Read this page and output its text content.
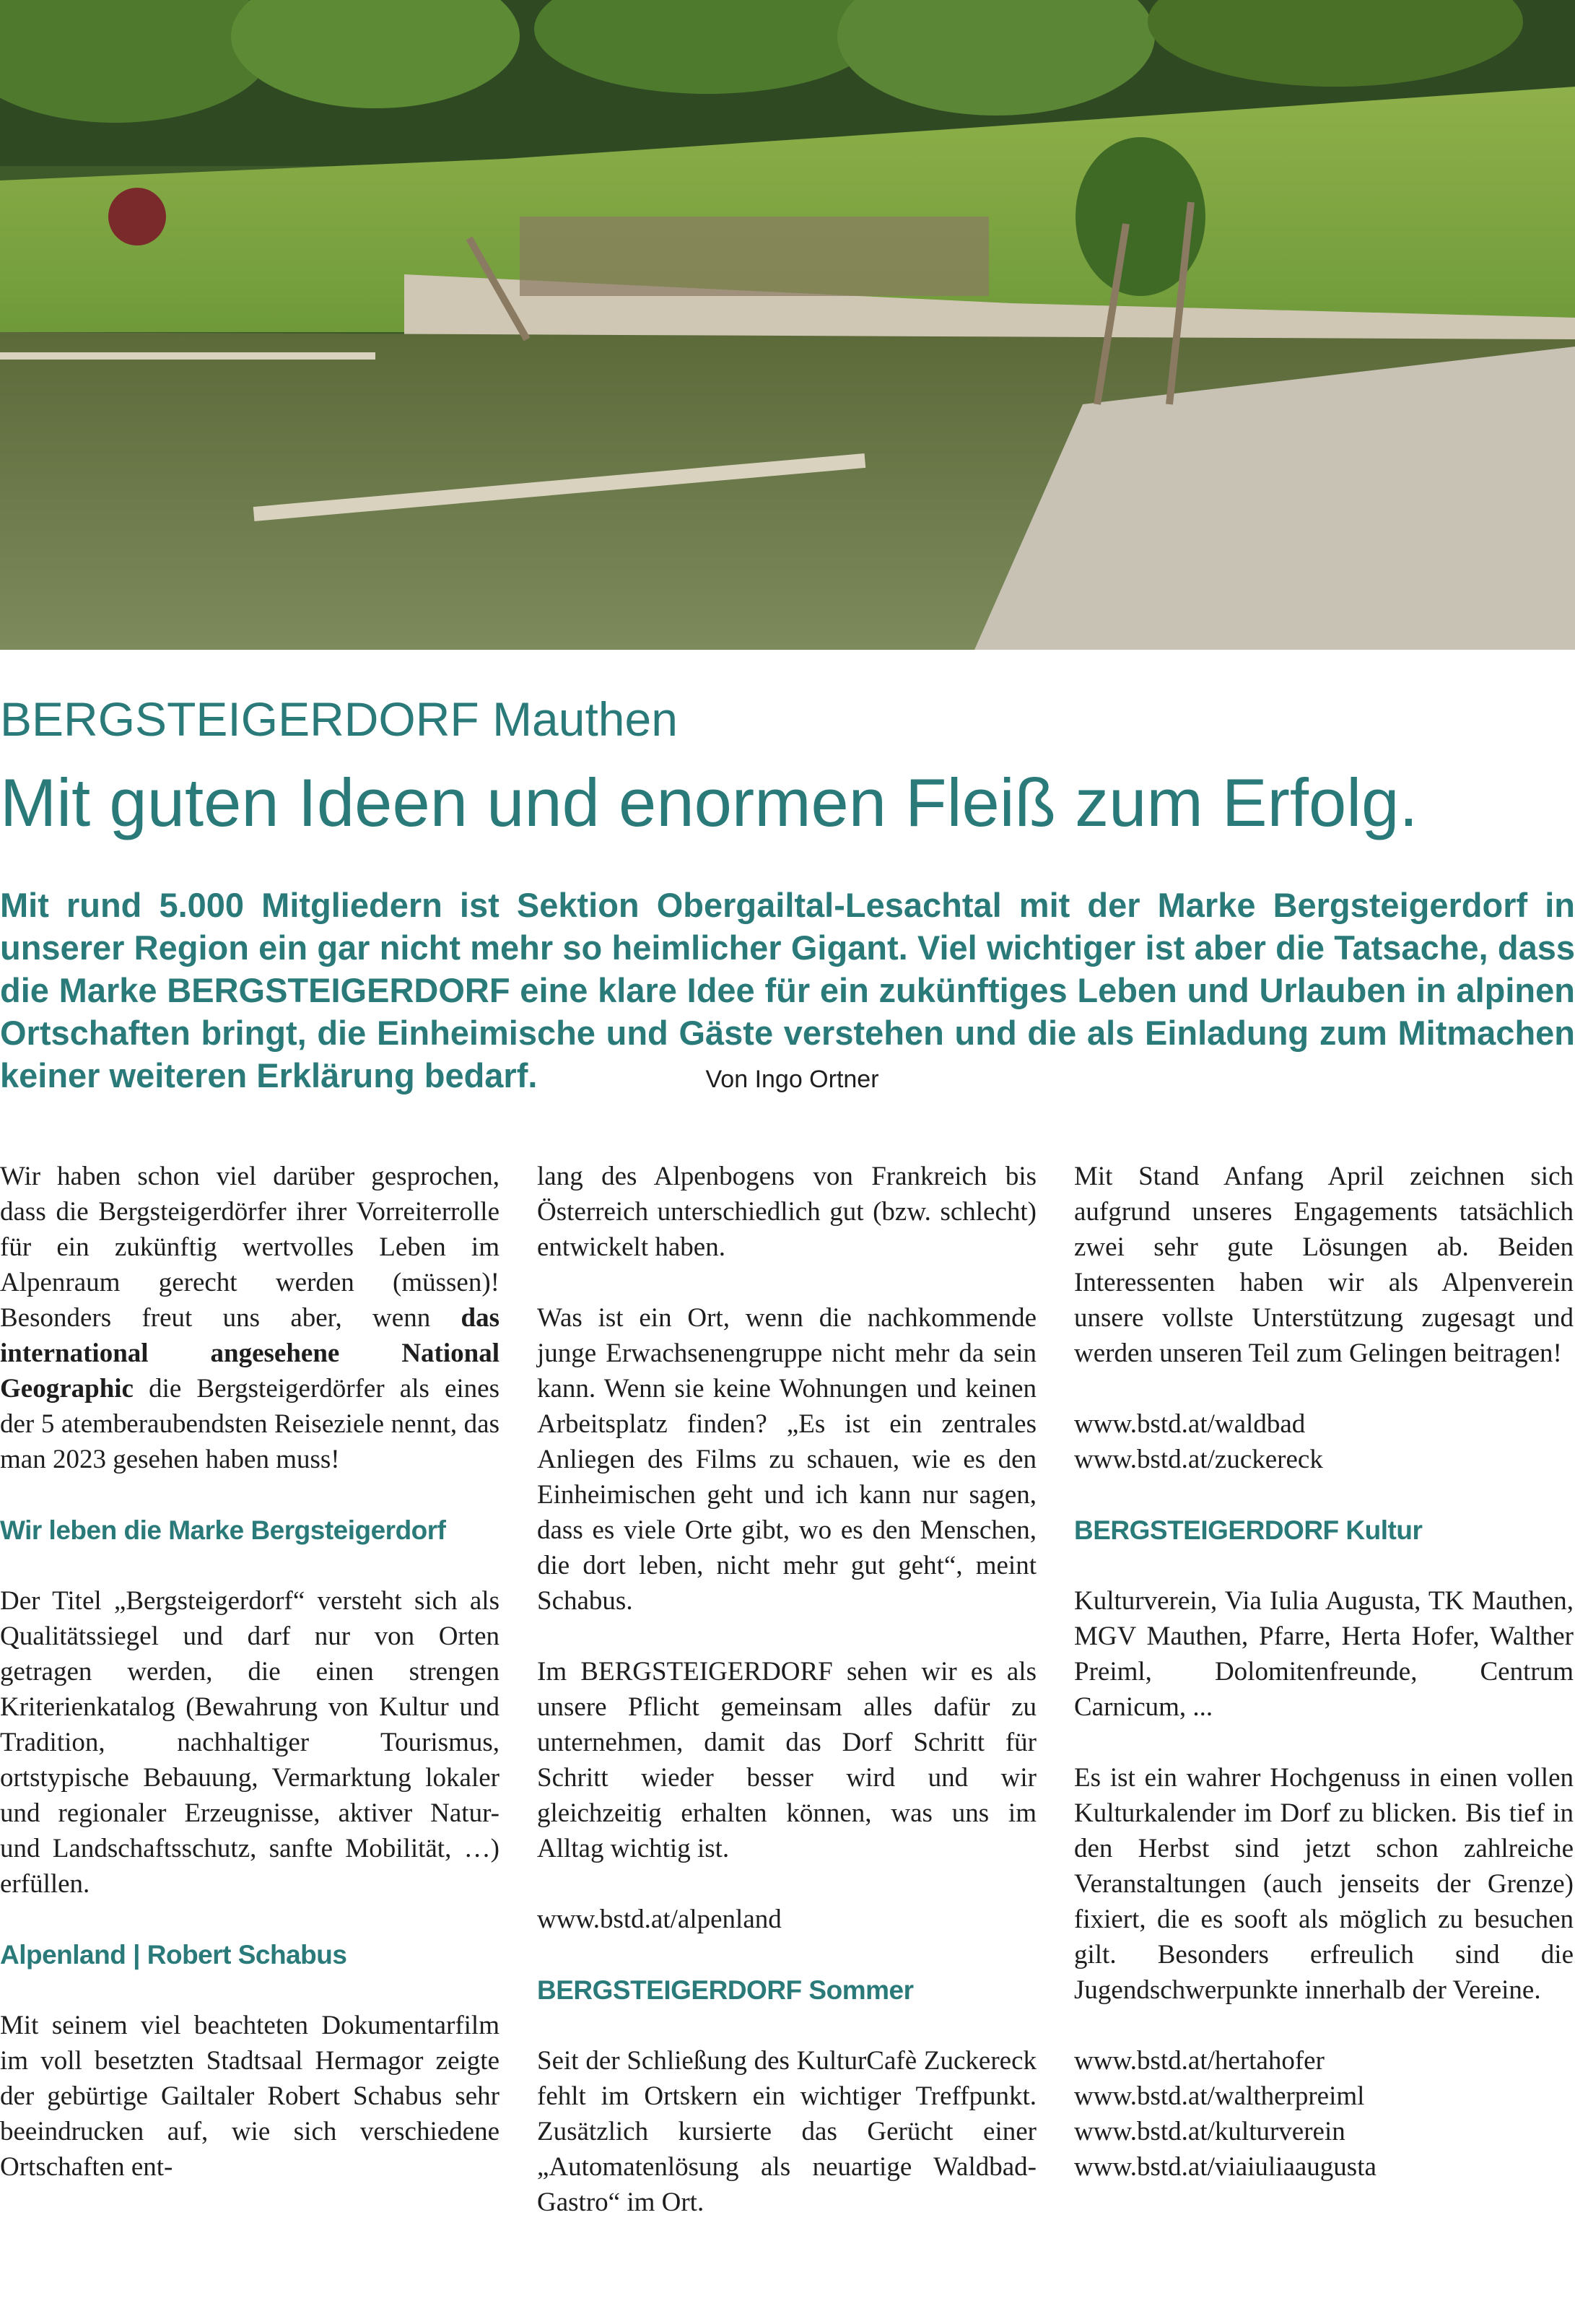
BERGSTEIGERDORF Mauthen
Mit guten Ideen und enormen Fleiß zum Erfolg.

Mit rund 5.000 Mitgliedern ist Sektion Obergailtal-Lesachtal mit der Marke Bergsteigerdorf in unserer Region ein gar nicht mehr so heimlicher Gigant. Viel wichtiger ist aber die Tatsache, dass die Marke BERGSTEIGERDORF eine klare Idee für ein zukünftiges Leben und Urlauben in alpinen Ortschaften bringt, die Einheimische und Gäste verstehen und die als Einladung zum Mitmachen keiner weiteren Erklärung bedarf.	Von Ingo Ortner

Wir haben schon viel darüber gesprochen, dass die Bergsteigerdörfer ihrer Vorreiterrolle für ein zukünftig wertvolles Leben im Alpenraum gerecht werden (müssen)! Besonders freut uns aber, wenn das international angesehene National Geographic die Bergsteigerdörfer als eines der 5 atemberaubendsten Reiseziele nennt, das man 2023 gesehen haben muss!

Wir leben die Marke Bergsteigerdorf

Der Titel „Bergsteigerdorf“ versteht sich als Qualitätssiegel und darf nur von Orten getragen werden, die einen strengen Kriterienkatalog (Bewahrung von Kultur und Tradition, nachhaltiger Tourismus, ortstypische Bebauung, Vermarktung lokaler und regionaler Erzeugnisse, aktiver Natur- und Landschaftsschutz, sanfte Mobilität, …) erfüllen.

Alpenland | Robert Schabus

Mit seinem viel beachteten Dokumentarfilm im voll besetzten Stadtsaal Hermagor zeigte der gebürtige Gailtaler Robert Schabus sehr beeindrucken auf, wie sich verschiedene Ortschaften ent-

lang des Alpenbogens von Frankreich bis Österreich unterschiedlich gut (bzw. schlecht) entwickelt haben.

Was ist ein Ort, wenn die nachkommende junge Erwachsenengruppe nicht mehr da sein kann. Wenn sie keine Wohnungen und keinen Arbeitsplatz finden? „Es ist ein zentrales Anliegen des Films zu schauen, wie es den Einheimischen geht und ich kann nur sagen, dass es viele Orte gibt, wo es den Menschen, die dort leben, nicht mehr gut geht“, meint Schabus.

Im BERGSTEIGERDORF sehen wir es als unsere Pflicht gemeinsam alles dafür zu unternehmen, damit das Dorf Schritt für Schritt wieder besser wird und wir gleichzeitig erhalten können, was uns im Alltag wichtig ist.

www.bstd.at/alpenland

BERGSTEIGERDORF Sommer

Seit der Schließung des KulturCafè Zuckereck fehlt im Ortskern ein wichtiger Treffpunkt. Zusätzlich kursierte das Gerücht einer „Automatenlösung als neuartige Waldbad-Gastro“ im Ort.

Mit Stand Anfang April zeichnen sich aufgrund unseres Engagements tatsächlich zwei sehr gute Lösungen ab. Beiden Interessenten haben wir als Alpenverein unsere vollste Unterstützung zugesagt und werden unseren Teil zum Gelingen beitragen!

www.bstd.at/waldbad
www.bstd.at/zuckereck

BERGSTEIGERDORF Kultur

Kulturverein, Via Iulia Augusta, TK Mauthen, MGV Mauthen, Pfarre, Herta Hofer, Walther Preiml, Dolomitenfreunde, Centrum Carnicum, ...

Es ist ein wahrer Hochgenuss in einen vollen Kulturkalender im Dorf zu blicken. Bis tief in den Herbst sind jetzt schon zahlreiche Veranstaltungen (auch jenseits der Grenze) fixiert, die es sooft als möglich zu besuchen gilt. Besonders erfreulich sind die Jugendschwerpunkte innerhalb der Vereine.

www.bstd.at/hertahofer
www.bstd.at/waltherpreiml
www.bstd.at/kulturverein
www.bstd.at/viaiuliaaugusta
